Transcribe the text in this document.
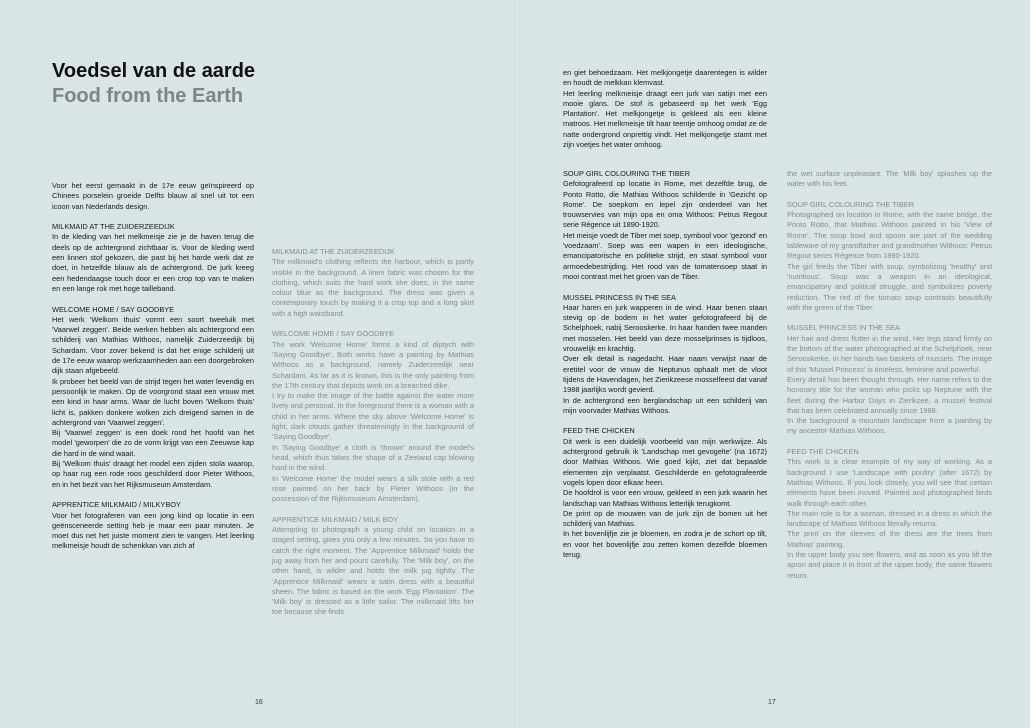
Voedsel van de aarde
Food from the Earth

Voor het eerst gemaakt in de 17e eeuw geïnspireerd op Chinees porselein groeide Delfts blauw al snel uit tot een icoon van Nederlands design.

MILKMAID AT THE ZUIDERZEEDIJK

In de kleding van het melkmeisje zie je de haven terug die deels op de achtergrond zichtbaar is. Voor de kleding werd een linnen stof gekozen, die past bij het harde werk dat ze doet, in hetzelfde blauw als de achtergrond. De jurk kreeg een hedendaagse touch door er een crop top van te maken en een lange rok met hoge tailleband.

WELCOME HOME / SAY GOODBYE

Het werk 'Welkom thuis' vormt een soort tweeluik met 'Vaarwel zeggen'. Beide werken hebben als achtergrond een schilderij van Mathias Withoos, namelijk Zuiderzeedijk bij Schardam. Voor zover bekend is dat het enige schilderij uit de 17e eeuw waarop werkzaamheden aan een doorgebroken dijk staan afgebeeld.

Ik probeer het beeld van de strijd tegen het water levendig en persoonlijk te maken. Op de voorgrond staat een vrouw met een kind in haar arms. Waar de lucht boven 'Welkom thuis' licht is, pakken donkere wolken zich dreigend samen in de achtergrond van 'Vaarwel zeggen'.

Bij 'Vaarwel zeggen' is een doek rond het hoofd van het model 'geworpen' die zo de vorm krijgt van een Zeeuwse kap die hard in de wind waait.

Bij 'Welkom thuis' draagt het model een zijden stola waarop, op haar rug een rode roos geschilderd door Pieter Withoos, en in het bezit van het Rijksmuseum Amsterdam.

APPRENTICE MILKMAID / MILKYBOY

Voor het fotograferen van een jong kind op locatie in een geënsceneerde setting heb je maar een paar minuten. Je moet dus net het juiste moment zien te vangen. Het leerling melkmeisje houdt de schenkkan van zich af

MILKMAID AT THE ZUIDERZEEDIJK

The milkmaid's clothing reflects the harbour, which is partly visible in the background. A linen fabric was chosen for the clothing, which suits the hard work she does, in the same colour blue as the background. The dress was given a contemporary touch by making it a crop top and a long skirt with a high waistband.

WELCOME HOME / SAY GOODBYE

The work 'Welcome Home' forms a kind of diptych with 'Saying Goodbye'. Both works have a painting by Mathias Withoos as a background, namely Zuiderzeedijk near Schardam. As far as it is known, this is the only painting from the 17th century that depicts work on a breached dike.

I try to make the image of the battle against the water more lively and personal. In the foreground there is a woman with a child in her arms. Where the sky above 'Welcome Home' is light, dark clouds gather threateningly in the background of 'Saying Goodbye'.

In 'Saying Goodbye' a cloth is 'thrown' around the model's head, which thus takes the shape of a Zeeland cap blowing hard in the wind.

In 'Welcome Home' the model wears a silk stole with a red rose painted on her back by Pieter Withoos (in the possession of the Rijksmuseum Amsterdam).

APPRENTICE MILKMAID / MILK BOY

Attempting to photograph a young child on location in a staged setting, gives you only a few minutes. So you have to catch the right moment. The 'Apprentice Milkmaid' holds the jug away from her and pours carefully. The 'Milk boy', on the other hand, is wilder and holds the milk jug tightly. The 'Apprentice Milkmaid' wears a satin dress with a beautiful sheen. The fabric is based on the work 'Egg Plantation'. The 'Milk boy' is dressed as a little sailor. The milkmaid lifts her toe because she finds

16

en giet behoedzaam. Het melkjongetje daarentegen is wilder en houdt de melkkan klemvast.

Het leerling melkmeisje draagt een jurk van satijn met een mooie glans. De stof is gebaseerd op het werk 'Egg Plantation'. Het melkjongetje is gekleed als een kleine matroos. Het melkmeisje tilt haar teentje omhoog omdat ze de natte ondergrond onprettig vindt. Het melkjongetje stamt met zijn voetjes het water omhoog.

SOUP GIRL COLOURING THE TIBER

Gefotografeerd op locatie in Rome, met dezelfde brug, de Ponto Rotto, die Mathias Withoos schilderde in 'Gezicht op Rome'. De soepkom en lepel zijn onderdeel van het trouwservies van mijn opa en oma Withoos: Petrus Regout serie Régence uit 1890-1920.

Het meisje voedt de Tiber met soep, symbool voor 'gezond' en 'voedzaam'. Soep was een wapen in een ideologische, emancipatorische en politieke strijd, en staat symbool voor armoedebestrijding. Het rood van de tomatensoep staat in mooi contrast met het groen van de Tiber.

MUSSEL PRINCESS IN THE SEA

Haar haren en jurk wapperen in de wind. Haar benen staan stevig op de bodem in het water gefotografeerd bij de Schelphoek, nabij Serooskerke. In haar handen twee manden met mosselen. Het beeld van deze mosselprinses is tijdloos, vrouwelijk en krachtig.

Over elk detail is nagedacht. Haar naam verwijst naar de eretitel voor de vrouw die Neptunus ophaalt met de vloot tijdens de Havendagen, het Zierikzeese mosselfeest dat vanaf 1988 jaarlijks wordt gevierd.

In de achtergrond een berglandschap uit een schilderij van mijn voorvader Mathias Withoos.

FEED THE CHICKEN

Dit werk is een duidelijk voorbeeld van mijn werkwijze. Als achtergrond gebruik ik 'Landschap met gevogelte' (na 1672) door Mathias Withoos. Wie goed kijkt, ziet dat bepaalde elementen zijn verplaatst. Geschilderde en gefotografeerde vogels lopen door elkaar heen.

De hoofdrol is voor een vrouw, gekleed in een jurk waarin het landschap van Mathias Withoos letterlijk terugkomt.

De print op de mouwen van de jurk zijn de bomen uit het schilderij van Mathias.

In het bovenlijfje zie je bloemen, en zodra je de schort op tilt, en voor het bovenlijfje zou zetten komen dezelfde bloemen terug.

the wet surface unpleasant. The 'Milk boy' splashes up the water with his feet.

SOUP GIRL COLOURING THE TIBER

Photographed on location in Rome, with the same bridge, the Ponto Rotto, that Mathias Withoos painted in his 'View of Rome'. The soup bowl and spoon are part of the wedding tableware of my grandfather and grandmother Withoos: Petrus Regout series Régence from 1890-1920.

The girl feeds the Tiber with soup, symbolizing 'healthy' and 'nutritious'. Soup was a weapon in an ideological, emancipatory and political struggle, and symbolizes poverty reduction. The red of the tomato soup contrasts beautifully with the green of the Tiber.

MUSSEL PRINCESS IN THE SEA

Her hair and dress flutter in the wind. Her legs stand firmly on the bottom of the water photographed at the Schelphoek, near Serooskerke. In her hands two baskets of mussels. The image of this 'Mussel Princess' is timeless, feminine and powerful.

Every detail has been thought through. Her name refers to the honorary title for the woman who picks up Neptune with the fleet during the Harbor Days in Zierikzee, a mussel festival that has been celebrated annually since 1988.

In the background a mountain landscape from a painting by my ancestor Mathias Withoos.

FEED THE CHICKEN

This work is a clear example of my way of working. As a background I use 'Landscape with poultry' (after 1672) by Mathias Withoos. If you look closely, you will see that certain elements have been moved. Painted and photographed birds walk through each other.

The main role is for a woman, dressed in a dress in which the landscape of Mathias Withoos literally returns.

The print on the sleeves of the dress are the trees from Mathias' painting.

In the upper body you see flowers, and as soon as you lift the apron and place it in front of the upper body, the same flowers return.

17
